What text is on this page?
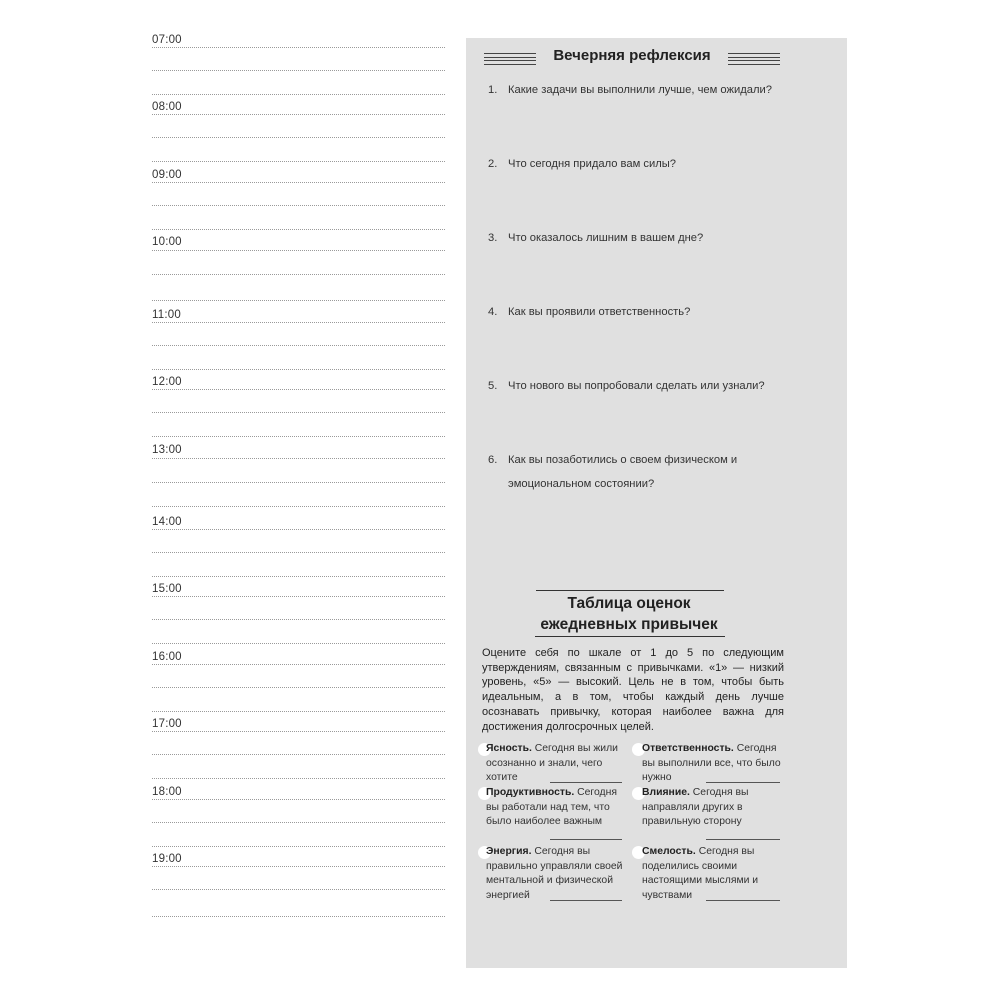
07:00
08:00
09:00
10:00
11:00
12:00
13:00
14:00
15:00
16:00
17:00
18:00
19:00
Вечерняя рефлексия
1. Какие задачи вы выполнили лучше, чем ожидали?
2. Что сегодня придало вам силы?
3. Что оказалось лишним в вашем дне?
4. Как вы проявили ответственность?
5. Что нового вы попробовали сделать или узнали?
6. Как вы позаботились о своем физическом и эмоциональном состоянии?
Таблица оценок
ежедневных привычек
Оцените себя по шкале от 1 до 5 по следующим утверждениям, связанным с привычками. «1» — низкий уровень, «5» — высокий. Цель не в том, чтобы быть идеальным, а в том, чтобы каждый день лучше осознавать привычку, которая наиболее важна для достижения долгосрочных целей.
Ясность. Сегодня вы жили осознанно и знали, чего хотите
Ответственность. Сегодня вы выполнили все, что было нужно
Продуктивность. Сегодня вы работали над тем, что было наиболее важным
Влияние. Сегодня вы направляли других в правильную сторону
Энергия. Сегодня вы правильно управляли своей ментальной и физической энергией
Смелость. Сегодня вы поделились своими настоящими мыслями и чувствами
